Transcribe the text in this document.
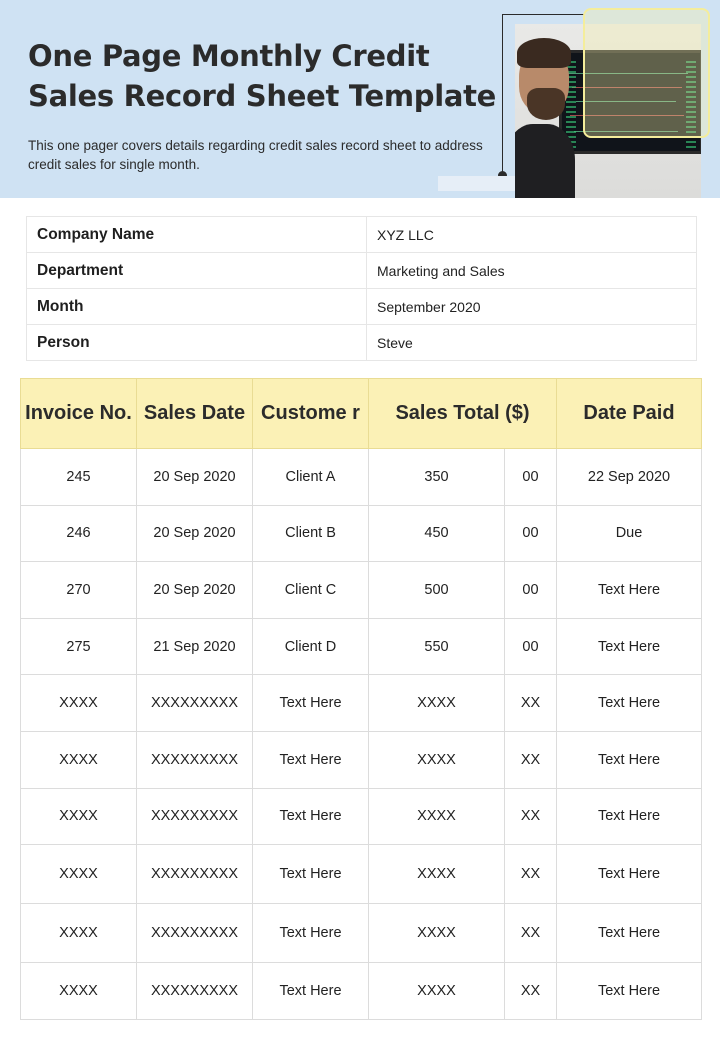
One Page Monthly Credit Sales Record Sheet Template
This one pager covers details regarding credit sales record sheet to address credit sales for single month.
Company Name	XYZ LLC
Department	Marketing and Sales
Month	September 2020
Person	Steve
Invoice No.	Sales Date	Custome r	Sales Total ($)		Date Paid
245	20 Sep 2020	Client A	350	00	22 Sep 2020
246	20 Sep 2020	Client B	450	00	Due
270	20 Sep 2020	Client C	500	00	Text Here
275	21 Sep 2020	Client D	550	00	Text Here
XXXX	XXXXXXXXX	Text Here	XXXX	XX	Text Here
XXXX	XXXXXXXXX	Text Here	XXXX	XX	Text Here
XXXX	XXXXXXXXX	Text Here	XXXX	XX	Text Here
XXXX	XXXXXXXXX	Text Here	XXXX	XX	Text Here
XXXX	XXXXXXXXX	Text Here	XXXX	XX	Text Here
XXXX	XXXXXXXXX	Text Here	XXXX	XX	Text Here
